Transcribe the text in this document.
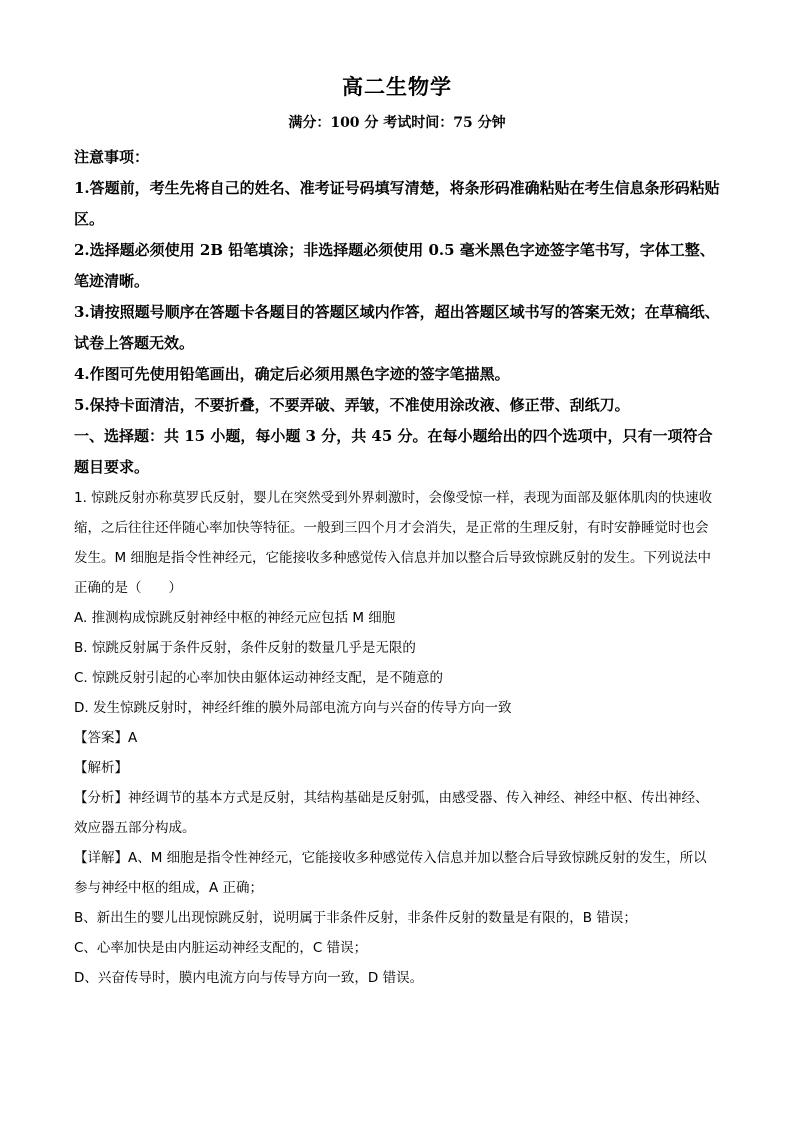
高二生物学
满分：100 分 考试时间：75 分钟

注意事项：

1.答题前，考生先将自己的姓名、准考证号码填写清楚，将条形码准确粘贴在考生信息条形码粘贴区。

2.选择题必须使用 2B 铅笔填涂；非选择题必须使用 0.5 毫米黑色字迹签字笔书写，字体工整、笔迹清晰。

3.请按照题号顺序在答题卡各题目的答题区域内作答，超出答题区域书写的答案无效；在草稿纸、试卷上答题无效。

4.作图可先使用铅笔画出，确定后必须用黑色字迹的签字笔描黑。

5.保持卡面清洁，不要折叠，不要弄破、弄皱，不准使用涂改液、修正带、刮纸刀。

一、选择题：共 15 小题，每小题 3 分，共 45 分。在每小题给出的四个选项中，只有一项符合题目要求。

1. 惊跳反射亦称莫罗氏反射，婴儿在突然受到外界刺激时，会像受惊一样，表现为面部及躯体肌肉的快速收缩，之后往往还伴随心率加快等特征。一般到三四个月才会消失，是正常的生理反射，有时安静睡觉时也会发生。M 细胞是指令性神经元，它能接收多种感觉传入信息并加以整合后导致惊跳反射的发生。下列说法中正确的是（　　）

A. 推测构成惊跳反射神经中枢的神经元应包括 M 细胞

B. 惊跳反射属于条件反射，条件反射的数量几乎是无限的

C. 惊跳反射引起的心率加快由躯体运动神经支配，是不随意的

D. 发生惊跳反射时，神经纤维的膜外局部电流方向与兴奋的传导方向一致

【答案】A

【解析】

【分析】神经调节的基本方式是反射，其结构基础是反射弧，由感受器、传入神经、神经中枢、传出神经、效应器五部分构成。

【详解】A、M 细胞是指令性神经元，它能接收多种感觉传入信息并加以整合后导致惊跳反射的发生，所以参与神经中枢的组成，A 正确；

B、新出生的婴儿出现惊跳反射，说明属于非条件反射，非条件反射的数量是有限的，B 错误；

C、心率加快是由内脏运动神经支配的，C 错误；

D、兴奋传导时，膜内电流方向与传导方向一致，D 错误。
